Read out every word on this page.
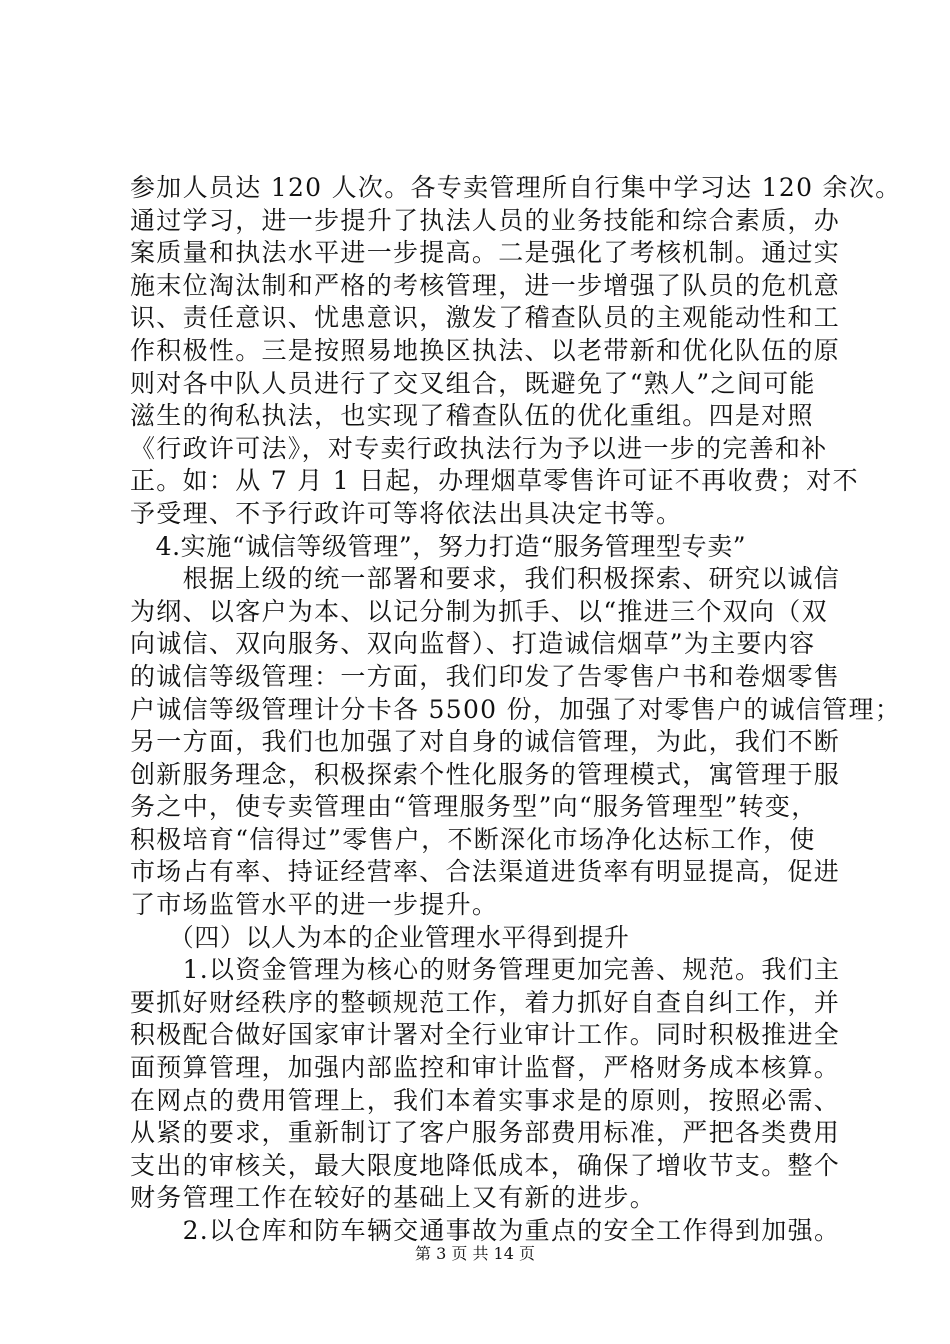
参加人员达 120 人次。各专卖管理所自行集中学习达 120 余次。
通过学习，进一步提升了执法人员的业务技能和综合素质，办
案质量和执法水平进一步提高。二是强化了考核机制。通过实
施末位淘汰制和严格的考核管理，进一步增强了队员的危机意
识、责任意识、忧患意识，激发了稽查队员的主观能动性和工
作积极性。三是按照易地换区执法、以老带新和优化队伍的原
则对各中队人员进行了交叉组合，既避免了“熟人”之间可能
滋生的徇私执法，也实现了稽查队伍的优化重组。四是对照
《行政许可法》，对专卖行政执法行为予以进一步的完善和补
正。如：从 7 月 1 日起，办理烟草零售许可证不再收费；对不
予受理、不予行政许可等将依法出具决定书等。
　4.实施“诚信等级管理”，努力打造“服务管理型专卖”
　　根据上级的统一部署和要求，我们积极探索、研究以诚信
为纲、以客户为本、以记分制为抓手、以“推进三个双向（双
向诚信、双向服务、双向监督）、打造诚信烟草”为主要内容
的诚信等级管理：一方面，我们印发了告零售户书和卷烟零售
户诚信等级管理计分卡各 5500 份，加强了对零售户的诚信管理；
另一方面，我们也加强了对自身的诚信管理，为此，我们不断
创新服务理念，积极探索个性化服务的管理模式，寓管理于服
务之中，使专卖管理由“管理服务型”向“服务管理型”转变，
积极培育“信得过”零售户，不断深化市场净化达标工作，使
市场占有率、持证经营率、合法渠道进货率有明显提高，促进
了市场监管水平的进一步提升。
　　（四）以人为本的企业管理水平得到提升
　　1.以资金管理为核心的财务管理更加完善、规范。我们主
要抓好财经秩序的整顿规范工作，着力抓好自查自纠工作，并
积极配合做好国家审计署对全行业审计工作。同时积极推进全
面预算管理，加强内部监控和审计监督，严格财务成本核算。
在网点的费用管理上，我们本着实事求是的原则，按照必需、
从紧的要求，重新制订了客户服务部费用标准，严把各类费用
支出的审核关，最大限度地降低成本，确保了增收节支。整个
财务管理工作在较好的基础上又有新的进步。
　　2.以仓库和防车辆交通事故为重点的安全工作得到加强。
第 3 页 共 14 页
